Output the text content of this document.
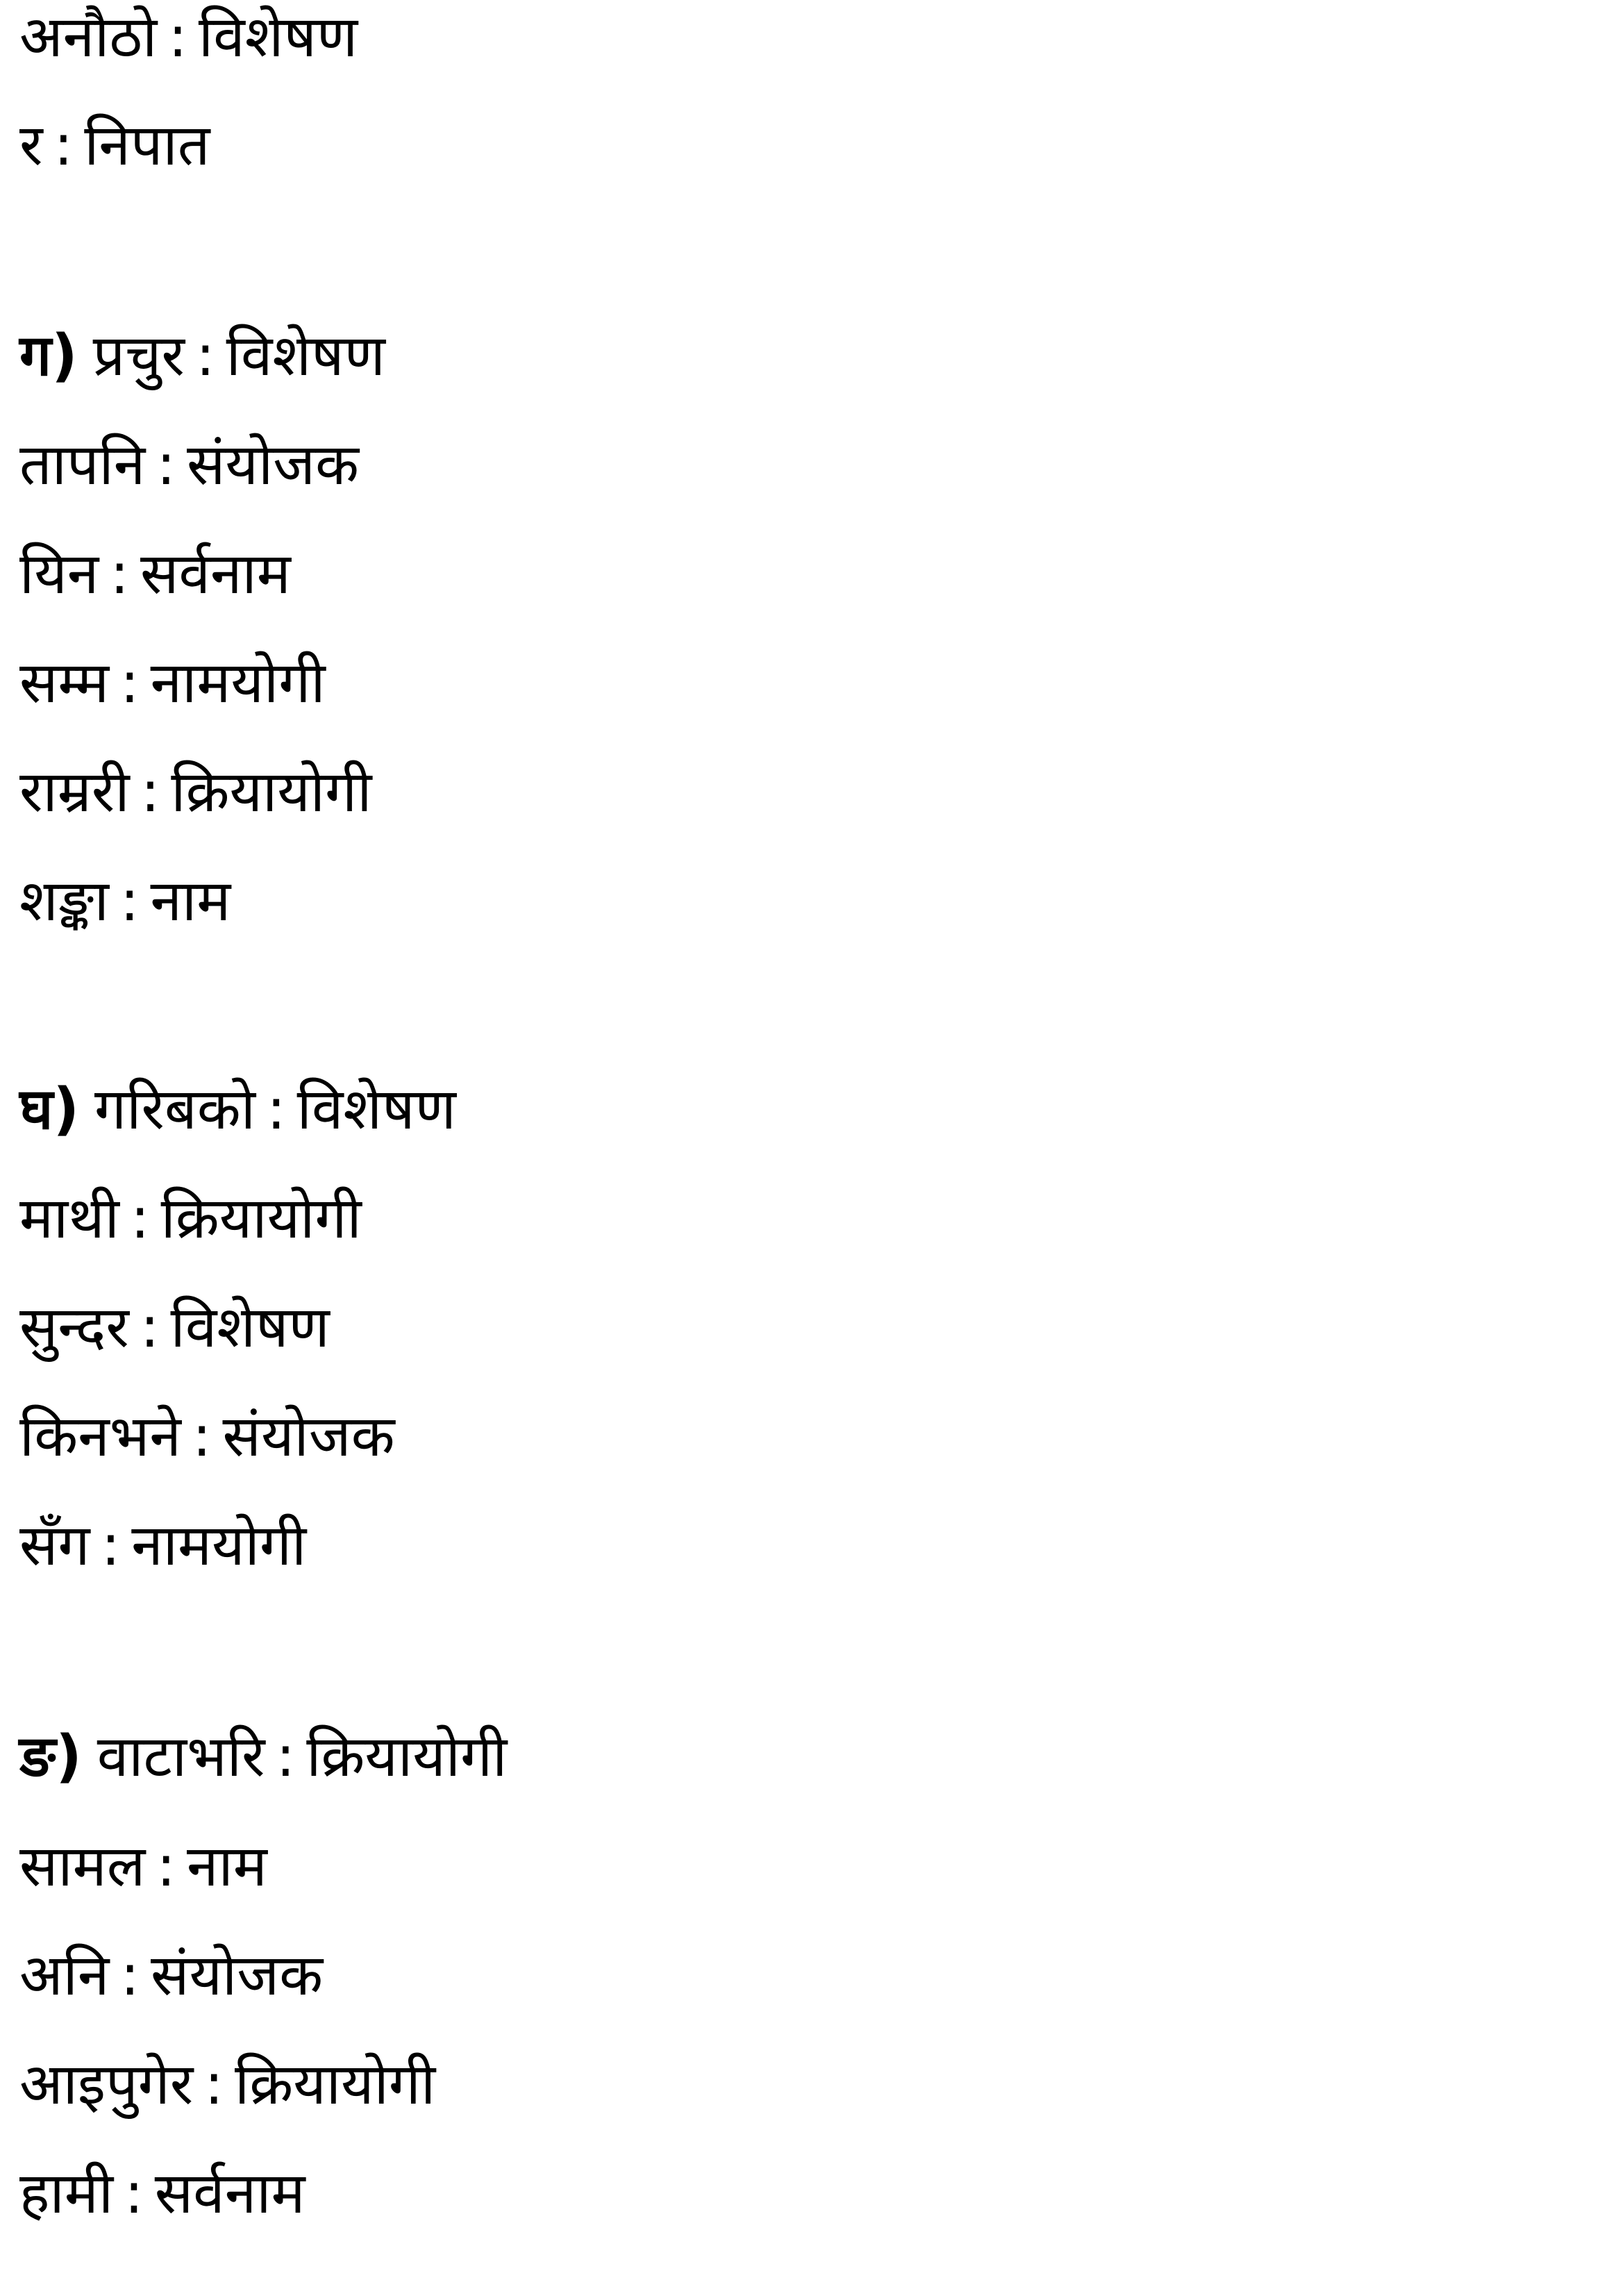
अनौठो : विशेषण
र : निपात
ग) प्रचुर : विशेषण
तापनि : संयोजक
यिन : सर्वनाम
सम्म : नामयोगी
राम्ररी : क्रियायोगी
शङ्का : नाम
घ) गरिबको : विशेषण
माथी : क्रियायोगी
सुन्दर : विशेषण
किनभने : संयोजक
सँग : नामयोगी
ङ) वाटाभरि : क्रियायोगी
सामल : नाम
अनि : संयोजक
आइपुगेर : क्रियायोगी
हामी : सर्वनाम
